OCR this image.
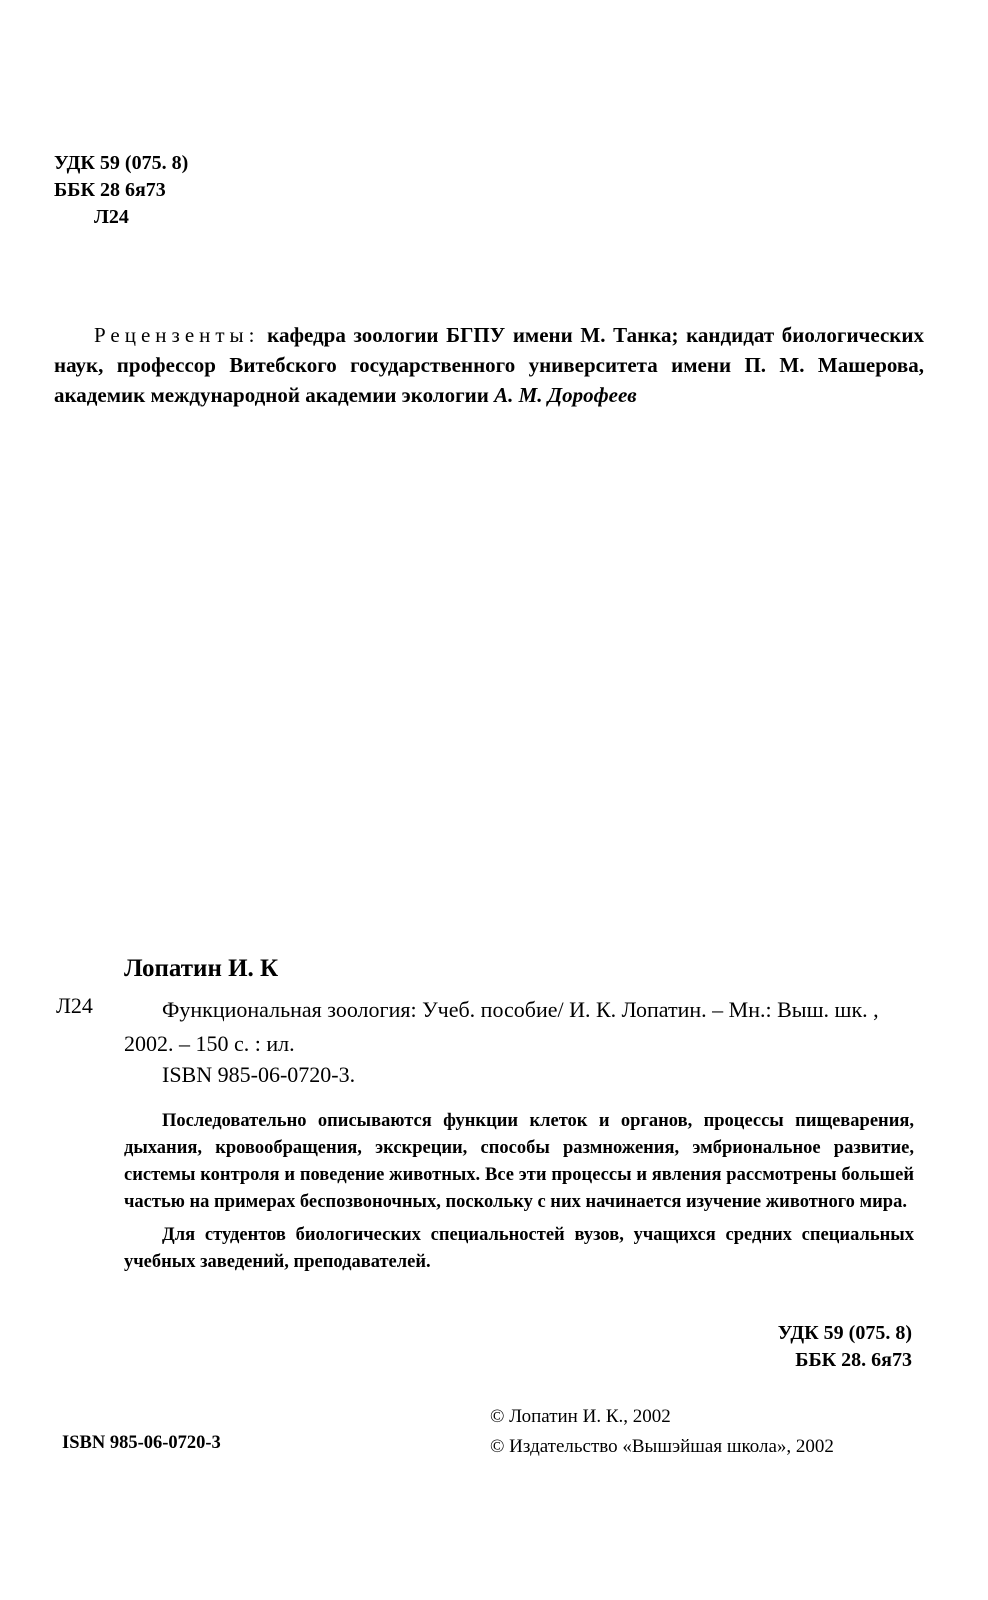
УДК 59 (075. 8)
ББК 28 6я73
Л24
Рецензенты: кафедра зоологии БГПУ имени М. Танка; кандидат биологических наук, профессор Витебского государственного университета имени П. М. Машерова, академик международной академии экологии А. М. Дорофеев
Лопатин И. К
Л24	Функциональная зоология: Учеб. пособие/ И. К. Лопатин. – Мн.: Выш. шк. , 2002. – 150 с. : ил.
ISBN 985-06-0720-3.

Последовательно описываются функции клеток и органов, процессы пищеварения, дыхания, кровообращения, экскреции, способы размножения, эмбриональное развитие, системы контроля и поведение животных. Все эти процессы и явления рассмотрены большей частью на примерах беспозвоночных, поскольку с них начинается изучение животного мира.

Для студентов биологических специальностей вузов, учащихся средних специальных учебных заведений, преподавателей.

УДК 59 (075. 8)
ББК 28. 6я73
ISBN 985-06-0720-3
© Лопатин И. К., 2002
© Издательство «Вышэйшая школа», 2002
